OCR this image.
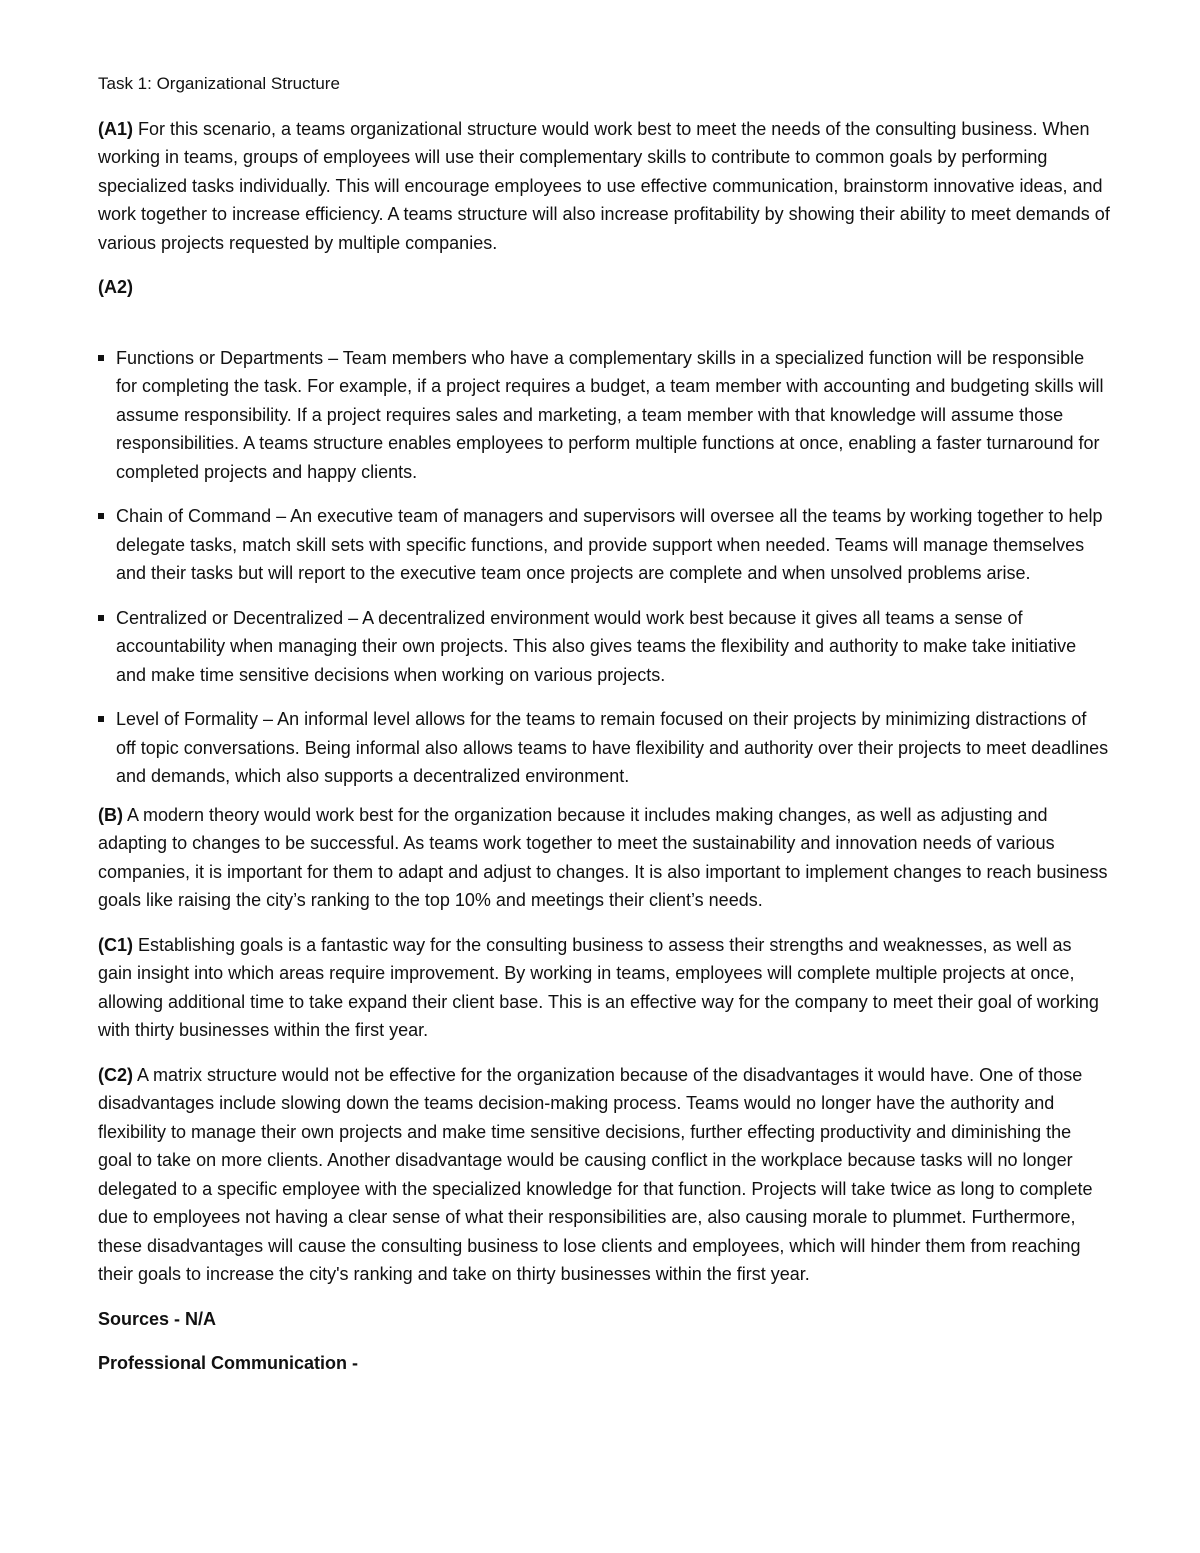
Task 1: Organizational Structure

(A1) For this scenario, a teams organizational structure would work best to meet the needs of the consulting business. When working in teams, groups of employees will use their complementary skills to contribute to common goals by performing specialized tasks individually. This will encourage employees to use effective communication, brainstorm innovative ideas, and work together to increase efficiency. A teams structure will also increase profitability by showing their ability to meet demands of various projects requested by multiple companies.

(A2)
Functions or Departments – Team members who have a complementary skills in a specialized function will be responsible for completing the task. For example, if a project requires a budget, a team member with accounting and budgeting skills will assume responsibility. If a project requires sales and marketing, a team member with that knowledge will assume those responsibilities. A teams structure enables employees to perform multiple functions at once, enabling a faster turnaround for completed projects and happy clients.
Chain of Command – An executive team of managers and supervisors will oversee all the teams by working together to help delegate tasks, match skill sets with specific functions, and provide support when needed. Teams will manage themselves and their tasks but will report to the executive team once projects are complete and when unsolved problems arise.
Centralized or Decentralized – A decentralized environment would work best because it gives all teams a sense of accountability when managing their own projects. This also gives teams the flexibility and authority to make take initiative and make time sensitive decisions when working on various projects.
Level of Formality – An informal level allows for the teams to remain focused on their projects by minimizing distractions of off topic conversations. Being informal also allows teams to have flexibility and authority over their projects to meet deadlines and demands, which also supports a decentralized environment.

(B) A modern theory would work best for the organization because it includes making changes, as well as adjusting and adapting to changes to be successful. As teams work together to meet the sustainability and innovation needs of various companies, it is important for them to adapt and adjust to changes. It is also important to implement changes to reach business goals like raising the city’s ranking to the top 10% and meetings their client’s needs.

(C1) Establishing goals is a fantastic way for the consulting business to assess their strengths and weaknesses, as well as gain insight into which areas require improvement. By working in teams, employees will complete multiple projects at once, allowing additional time to take expand their client base. This is an effective way for the company to meet their goal of working with thirty businesses within the first year.

(C2) A matrix structure would not be effective for the organization because of the disadvantages it would have. One of those disadvantages include slowing down the teams decision-making process. Teams would no longer have the authority and flexibility to manage their own projects and make time sensitive decisions, further effecting productivity and diminishing the goal to take on more clients. Another disadvantage would be causing conflict in the workplace because tasks will no longer delegated to a specific employee with the specialized knowledge for that function. Projects will take twice as long to complete due to employees not having a clear sense of what their responsibilities are, also causing morale to plummet. Furthermore, these disadvantages will cause the consulting business to lose clients and employees, which will hinder them from reaching their goals to increase the city's ranking and take on thirty businesses within the first year.

Sources - N/A

Professional Communication -
